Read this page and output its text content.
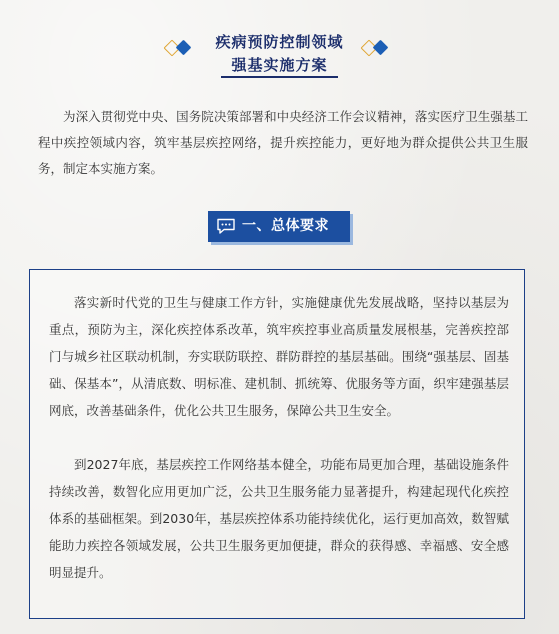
疾病预防控制领域
强基实施方案
为深入贯彻党中央、国务院决策部署和中央经济工作会议精神，落实医疗卫生强基工程中疾控领域内容，筑牢基层疾控网络，提升疾控能力，更好地为群众提供公共卫生服务，制定本实施方案。
一、总体要求
落实新时代党的卫生与健康工作方针，实施健康优先发展战略，坚持以基层为重点，预防为主，深化疾控体系改革，筑牢疾控事业高质量发展根基，完善疾控部门与城乡社区联动机制，夯实联防联控、群防群控的基层基础。围绕“强基层、固基础、保基本”，从清底数、明标准、建机制、抓统筹、优服务等方面，织牢建强基层网底，改善基础条件，优化公共卫生服务，保障公共卫生安全。
到2027年底，基层疾控工作网络基本健全，功能布局更加合理，基础设施条件持续改善，数智化应用更加广泛，公共卫生服务能力显著提升，构建起现代化疾控体系的基础框架。到2030年，基层疾控体系功能持续优化，运行更加高效，数智赋能助力疾控各领域发展，公共卫生服务更加便捷，群众的获得感、幸福感、安全感明显提升。
